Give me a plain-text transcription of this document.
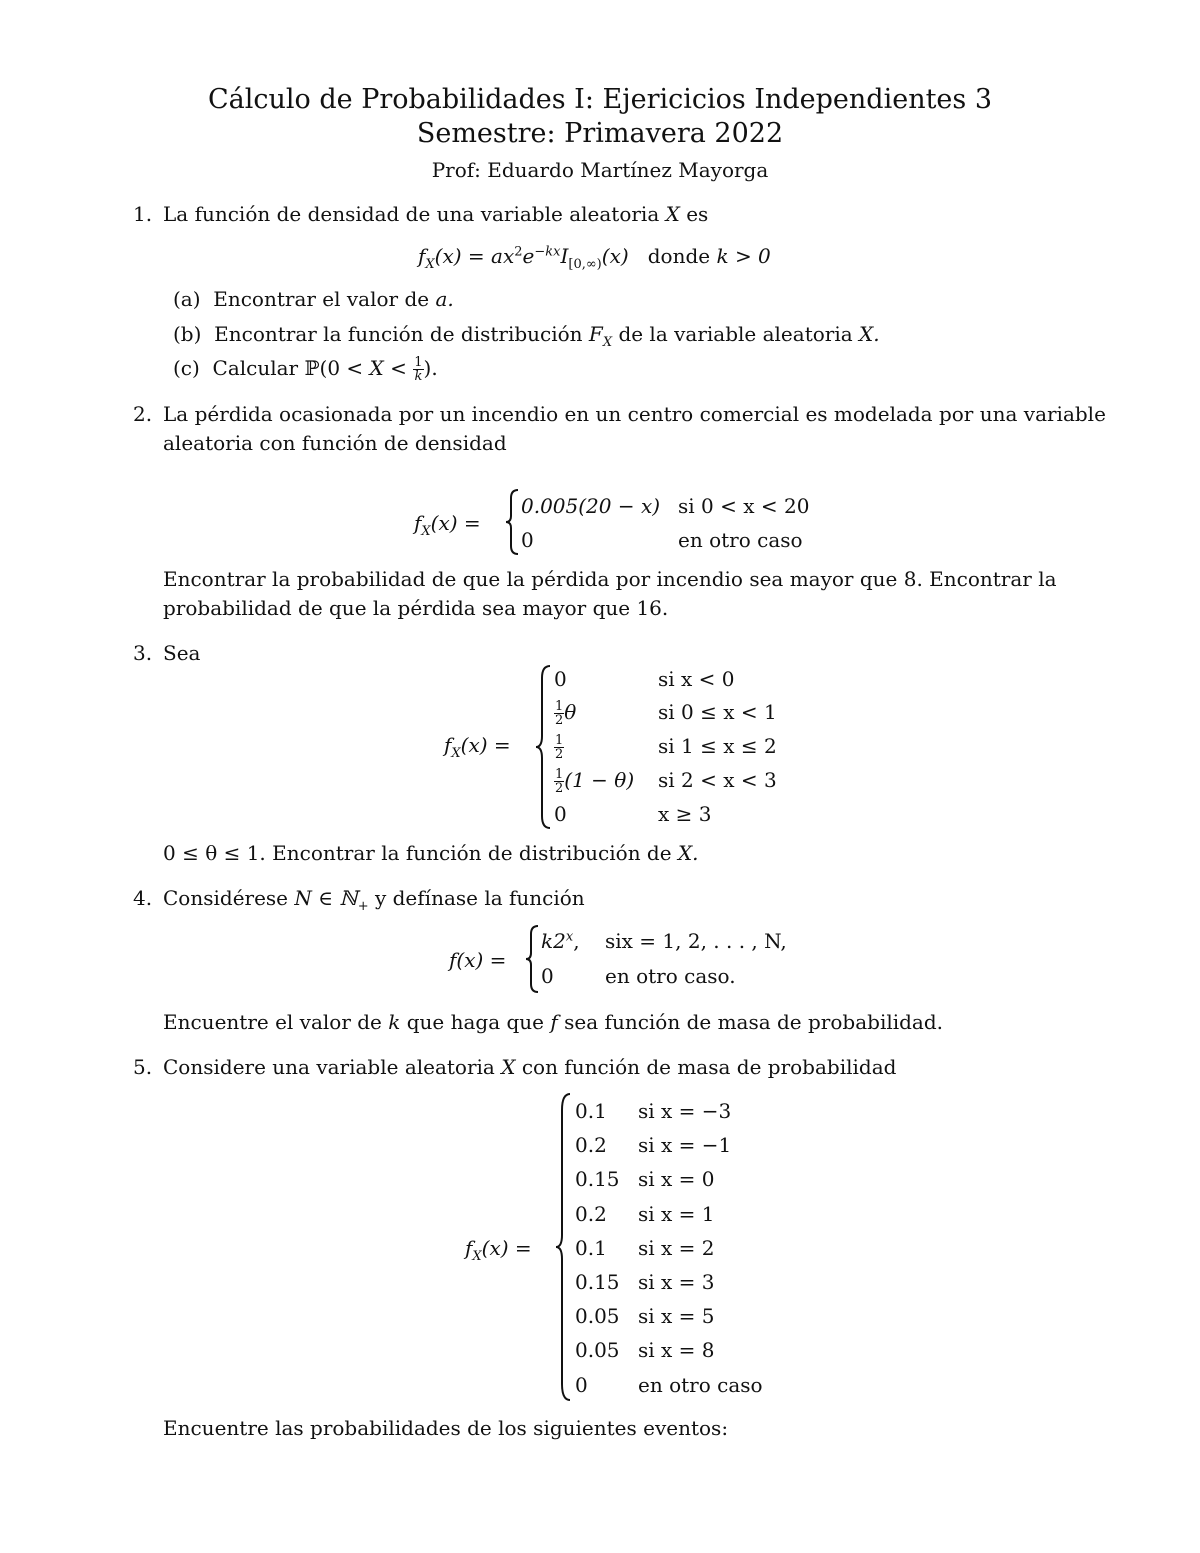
Cálculo de Probabilidades I: Ejericicios Independientes 3
Semestre: Primavera 2022
Prof: Eduardo Martínez Mayorga
1. La función de densidad de una variable aleatoria X es
$f_X(x) = ax^2e^{-kx}I_{[0,\infty)}(x)$ donde k > 0
(a) Encontrar el valor de a.
(b) Encontrar la función de distribución $F_X$ de la variable aleatoria X.
(c) Calcular ℙ(0 < $X < \frac{1}{k}$ ).
2. La pérdida ocasionada por un incendio en un centro comercial es modelada por una variable
aleatoria con función de densidad
$f_X(x)$ =
0.005(20 − x) si 0 < x < 20
0	en otro caso
Encontrar la probabilidad de que la pérdida por incendio sea mayor que 8. Encontrar la
probabilidad de que la pérdida sea mayor que 16.
3. Sea
$f_X(x)$ =
0	si x < 0
$\frac{1}{2}$ θ	si 0 ≤ x < 1
$\frac{1}{2}$	si 1 ≤ x ≤ 2
$\frac{1}{2} (1 - \theta)$ si 2 < x < 3
0	x ≥ 3
0 ≤ θ ≤ 1. Encontrar la función de distribución de X.
4. Considérese N ∈ ℕ$_+$ y defínase la función
f(x) =
$k2^x$, six = 1, 2, . . . , N,
0	en otro caso.
Encuentre el valor de k que haga que f sea función de masa de probabilidad.
5. Considere una variable aleatoria X con función de masa de probabilidad
$f_X(x)$ =
0.1 si x = −3
0.2 si x = −1
0.15 si x = 0
0.2 si x = 1
0.1 si x = 2
0.15 si x = 3
0.05 si x = 5
0.05 si x = 8
0	en otro caso
Encuentre las probabilidades de los siguientes eventos:
